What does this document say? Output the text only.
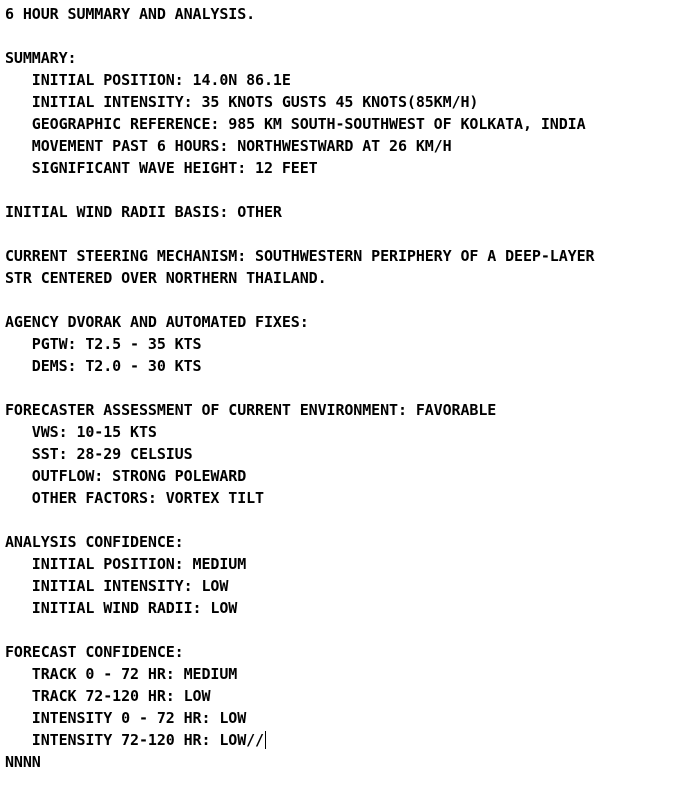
6 HOUR SUMMARY AND ANALYSIS.
SUMMARY:
INITIAL POSITION: 14.0N 86.1E
INITIAL INTENSITY: 35 KNOTS GUSTS 45 KNOTS(85KM/H)
GEOGRAPHIC REFERENCE: 985 KM SOUTH-SOUTHWEST OF KOLKATA, INDIA
MOVEMENT PAST 6 HOURS: NORTHWESTWARD AT 26 KM/H
SIGNIFICANT WAVE HEIGHT: 12 FEET
INITIAL WIND RADII BASIS: OTHER
CURRENT STEERING MECHANISM: SOUTHWESTERN PERIPHERY OF A DEEP-LAYER
STR CENTERED OVER NORTHERN THAILAND.
AGENCY DVORAK AND AUTOMATED FIXES:
PGTW: T2.5 - 35 KTS
DEMS: T2.0 - 30 KTS
FORECASTER ASSESSMENT OF CURRENT ENVIRONMENT: FAVORABLE
VWS: 10-15 KTS
SST: 28-29 CELSIUS
OUTFLOW: STRONG POLEWARD
OTHER FACTORS: VORTEX TILT
ANALYSIS CONFIDENCE:
INITIAL POSITION: MEDIUM
INITIAL INTENSITY: LOW
INITIAL WIND RADII: LOW
FORECAST CONFIDENCE:
TRACK 0 - 72 HR: MEDIUM
TRACK 72-120 HR: LOW
INTENSITY 0 - 72 HR: LOW
INTENSITY 72-120 HR: LOW//
NNNN
